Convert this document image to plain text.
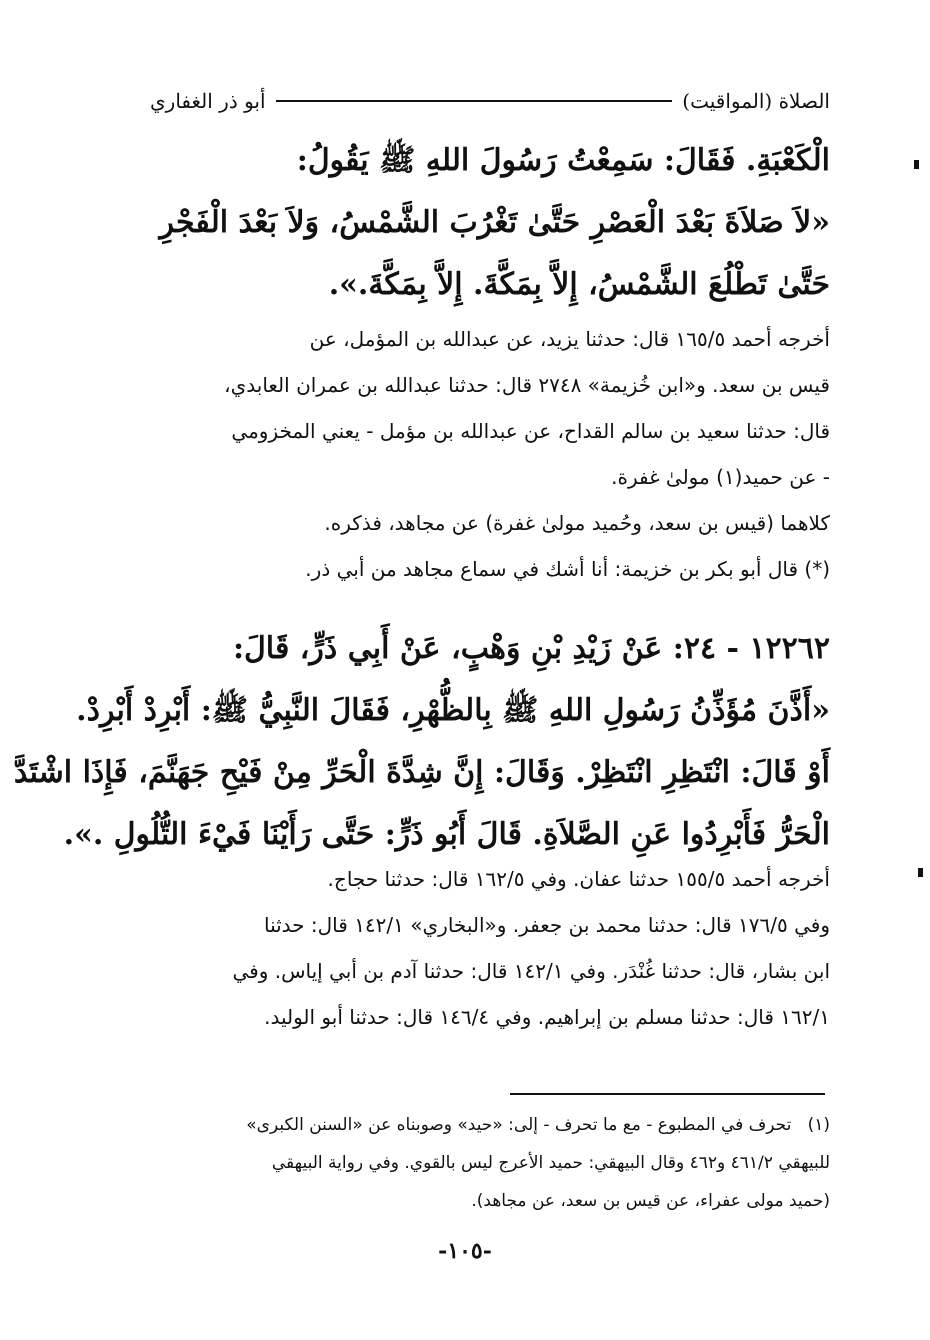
الصلاة (المواقيت)
أبو ذر الغفاري
الْكَعْبَةِ. فَقَالَ: سَمِعْتُ رَسُولَ اللهِ ﷺ يَقُولُ:
«لاَ صَلاَةَ بَعْدَ الْعَصْرِ حَتَّىٰ تَغْرُبَ الشَّمْسُ، وَلاَ بَعْدَ الْفَجْرِ
حَتَّىٰ تَطْلُعَ الشَّمْسُ، إِلاَّ بِمَكَّةَ. إِلاَّ بِمَكَّةَ.».
أخرجه أحمد ١٦٥/٥ قال: حدثنا يزيد، عن عبدالله بن المؤمل، عن
قيس بن سعد. و«ابن خُزيمة» ٢٧٤٨ قال: حدثنا عبدالله بن عمران العابدي،
قال: حدثنا سعيد بن سالم القداح، عن عبدالله بن مؤمل - يعني المخزومي
- عن حميد(١) مولىٰ غفرة.
كلاهما (قيس بن سعد، وحُميد مولىٰ غفرة) عن مجاهد، فذكره.
(*) قال أبو بكر بن خزيمة: أنا أشك في سماع مجاهد من أبي ذر.
١٢٢٦٢ - ٢٤: عَنْ زَيْدِ بْنِ وَهْبٍ، عَنْ أَبِي ذَرٍّ، قَالَ:
«أَذَّنَ مُؤَذِّنُ رَسُولِ اللهِ ﷺ بِالظُّهْرِ، فَقَالَ النَّبِيُّ ﷺ: أَبْرِدْ أَبْرِدْ.
أَوْ قَالَ: انْتَظِرِ انْتَظِرْ. وَقَالَ: إِنَّ شِدَّةَ الْحَرِّ مِنْ فَيْحِ جَهَنَّمَ، فَإِذَا اشْتَدَّ
الْحَرُّ فَأَبْرِدُوا عَنِ الصَّلاَةِ. قَالَ أَبُو ذَرٍّ: حَتَّى رَأَيْنَا فَيْءَ التُّلُولِ .».
أخرجه أحمد ١٥٥/٥ حدثنا عفان. وفي ١٦٢/٥ قال: حدثنا حجاج.
وفي ١٧٦/٥ قال: حدثنا محمد بن جعفر. و«البخاري» ١٤٢/١ قال: حدثنا
ابن بشار، قال: حدثنا غُنْدَر. وفي ١٤٢/١ قال: حدثنا آدم بن أبي إياس. وفي
١٦٢/١ قال: حدثنا مسلم بن إبراهيم. وفي ١٤٦/٤ قال: حدثنا أبو الوليد.
(١)   تحرف في المطبوع - مع ما تحرف - إلى: «حيد» وصوبناه عن «السنن الكبرى»
للبيهقي ٤٦١/٢ و٤٦٢ وقال البيهقي: حميد الأعرج ليس بالقوي. وفي رواية البيهقي
(حميد مولى عفراء، عن قيس بن سعد، عن مجاهد).
-١٠٥-
